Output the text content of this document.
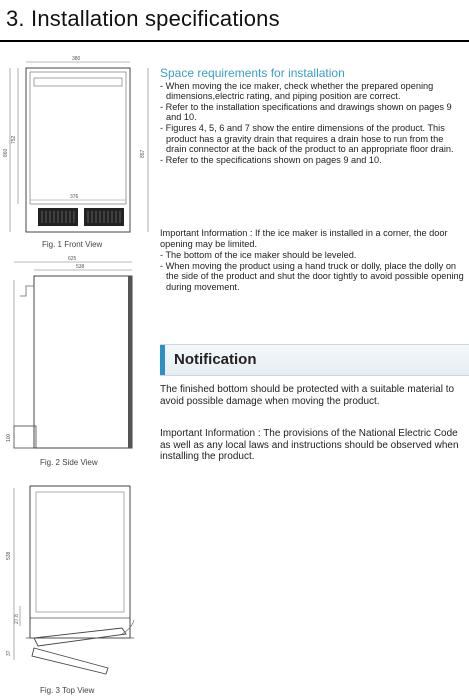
3. Installation specifications
380
860
752
857
376
Fig. 1 Front View
625
538
100
Fig. 2 Side View
538
27.8
37
Fig. 3 Top View
Space requirements for installation
- When moving the ice maker, check whether the prepared opening dimensions,electric rating, and piping position are correct.
- Refer to the installation specifications and drawings shown on pages 9 and 10.
- Figures 4, 5, 6 and 7 show the entire dimensions of the product. This product has a gravity drain that requires a drain hose to run from the drain connector at the back of the product to an appropriate floor drain.
- Refer to the specifications shown on pages 9 and 10.
Important Information : If the ice maker is installed in a corner, the door opening may be limited.
- The bottom of the ice maker should be leveled.
- When moving the product using a hand truck or dolly, place the dolly on the side of the product and shut the door tightly to avoid possible opening during movement.
Notification
The finished bottom should be protected with a suitable material to avoid possible damage when moving the product.
Important Information : The provisions of the National Electric Code as well as any local laws and instructions should be observed when installing the product.
